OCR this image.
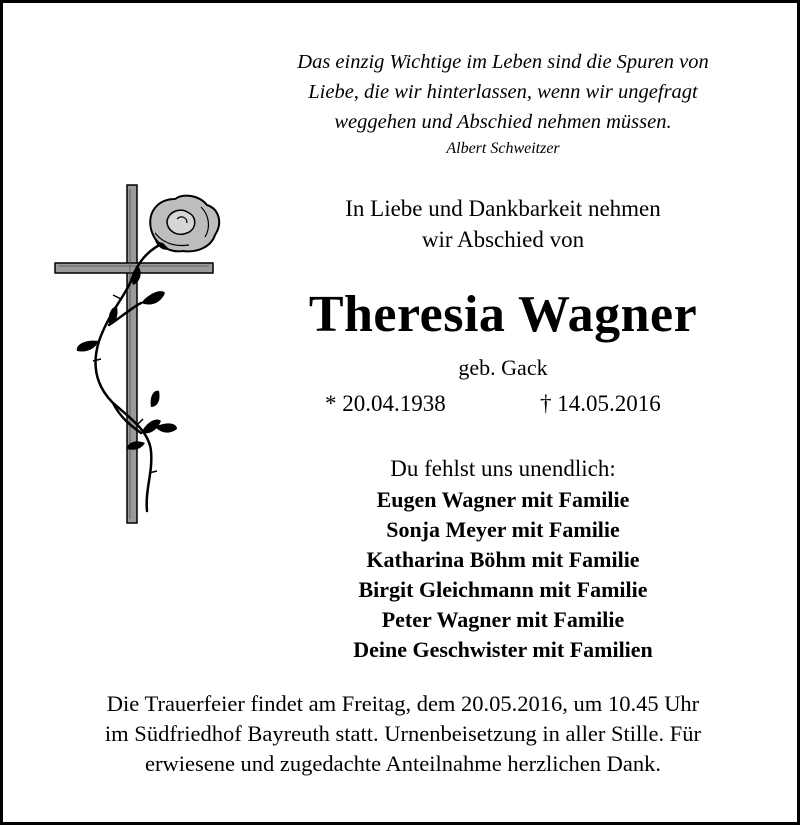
Das einzig Wichtige im Leben sind die Spuren von

Liebe, die wir hinterlassen, wenn wir ungefragt

weggehen und Abschied nehmen müssen.

Albert Schweitzer

In Liebe und Dankbarkeit nehmen

wir Abschied von

Theresia Wagner
geb. Gack
* 20.04.1938	† 14.05.2016
Du fehlst uns unendlich:
Eugen Wagner mit Familie
Sonja Meyer mit Familie
Katharina Böhm mit Familie
Birgit Gleichmann mit Familie
Peter Wagner mit Familie
Deine Geschwister mit Familien

Die Trauerfeier findet am Freitag, dem 20.05.2016, um 10.45 Uhr

im Südfriedhof Bayreuth statt. Urnenbeisetzung in aller Stille. Für

erwiesene und zugedachte Anteilnahme herzlichen Dank.
